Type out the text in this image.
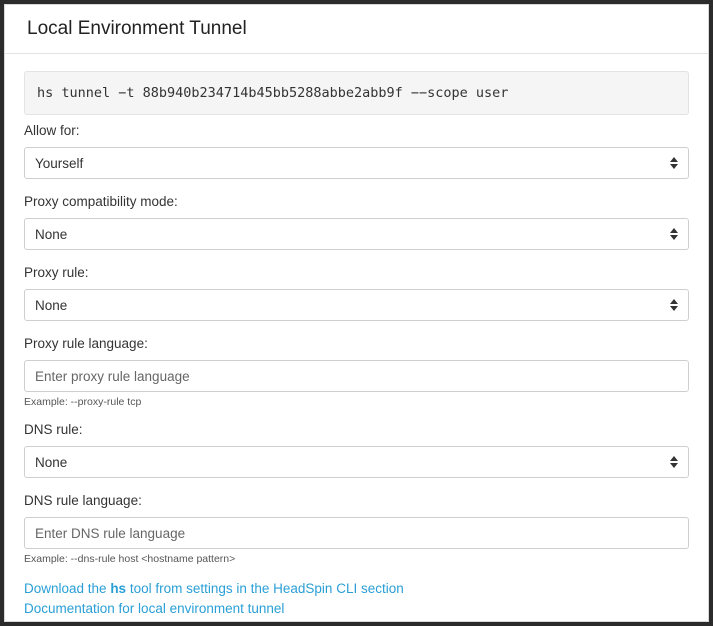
Local Environment Tunnel
hs tunnel −t 88b940b234714b45bb5288abbe2abb9f −−scope user
Allow for:
Yourself
Proxy compatibility mode:
None
Proxy rule:
None
Proxy rule language:
Enter proxy rule language
Example: --proxy-rule tcp
DNS rule:
None
DNS rule language:
Enter DNS rule language
Example: --dns-rule host <hostname pattern>
Download the hs tool from settings in the HeadSpin CLI section
Documentation for local environment tunnel
